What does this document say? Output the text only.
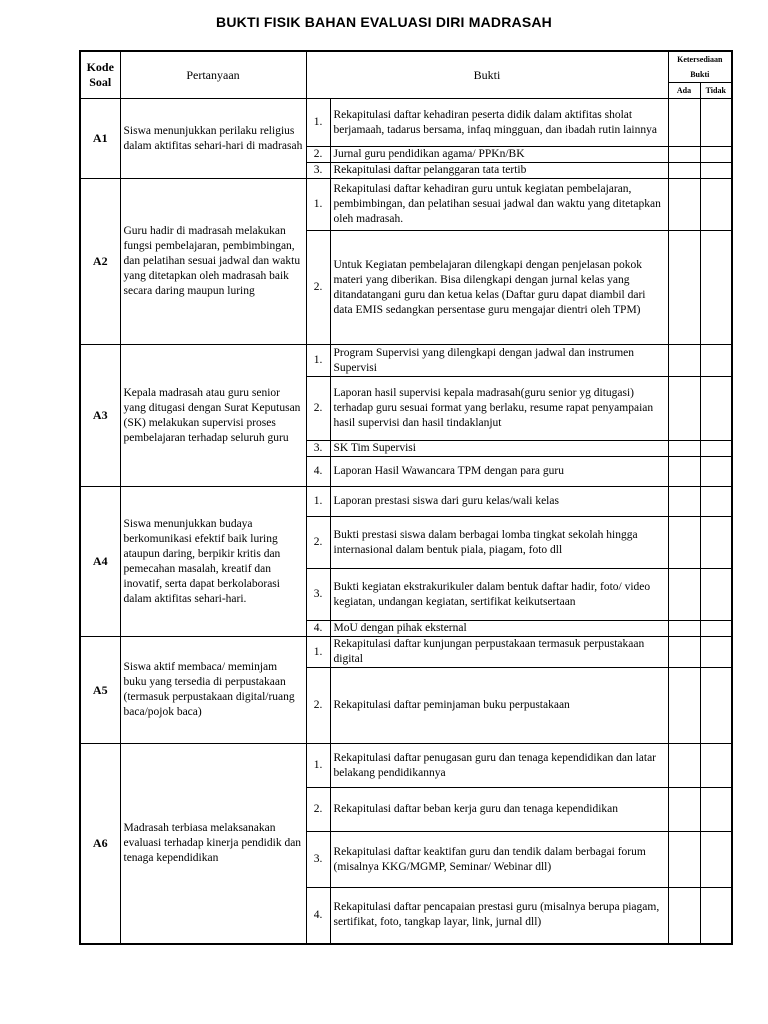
BUKTI FISIK BAHAN EVALUASI DIRI MADRASAH
Kode Soal	Pertanyaan	Bukti		Ketersediaan Bukti	
				Ada	Tidak
A1	Siswa menunjukkan perilaku religius dalam aktifitas sehari-hari di madrasah	1.	Rekapitulasi daftar kehadiran peserta didik dalam aktifitas sholat berjamaah, tadarus bersama, infaq mingguan, dan ibadah rutin lainnya		
		2.	Jurnal guru pendidikan agama/ PPKn/BK		
		3.	Rekapitulasi daftar pelanggaran tata tertib		
A2	Guru hadir di madrasah melakukan fungsi pembelajaran, pembimbingan, dan pelatihan sesuai jadwal dan waktu yang ditetapkan oleh madrasah baik secara daring maupun luring	1.	Rekapitulasi daftar kehadiran guru untuk kegiatan pembelajaran, pembimbingan, dan pelatihan sesuai jadwal dan waktu yang ditetapkan oleh madrasah.		
		2.	Untuk Kegiatan pembelajaran dilengkapi dengan penjelasan pokok materi yang diberikan. Bisa dilengkapi dengan jurnal kelas yang ditandatangani guru dan ketua kelas (Daftar guru dapat diambil dari data EMIS sedangkan persentase guru mengajar dientri oleh TPM)		
A3	Kepala madrasah atau guru senior yang ditugasi dengan Surat Keputusan (SK) melakukan supervisi proses pembelajaran terhadap seluruh guru	1.	Program Supervisi yang dilengkapi dengan jadwal dan instrumen Supervisi		
		2.	Laporan hasil supervisi kepala madrasah(guru senior yg ditugasi) terhadap guru sesuai format yang berlaku, resume rapat penyampaian hasil supervisi dan hasil tindaklanjut		
		3.	SK Tim Supervisi		
		4.	Laporan Hasil Wawancara TPM dengan para guru		
A4	Siswa menunjukkan budaya berkomunikasi efektif baik luring ataupun daring, berpikir kritis dan pemecahan masalah, kreatif dan inovatif, serta dapat berkolaborasi dalam aktifitas sehari-hari.	1.	Laporan prestasi siswa dari guru kelas/wali kelas		
		2.	Bukti prestasi siswa dalam berbagai lomba tingkat sekolah hingga internasional dalam bentuk piala, piagam, foto dll		
		3.	Bukti kegiatan ekstrakurikuler dalam bentuk daftar hadir, foto/ video kegiatan, undangan kegiatan, sertifikat keikutsertaan		
		4.	MoU dengan pihak eksternal		
A5	Siswa aktif membaca/ meminjam buku yang tersedia di perpustakaan (termasuk perpustakaan digital/ruang baca/pojok baca)	1.	Rekapitulasi daftar kunjungan perpustakaan termasuk perpustakaan digital		
		2.	Rekapitulasi daftar peminjaman buku perpustakaan		
A6	Madrasah terbiasa melaksanakan evaluasi terhadap kinerja pendidik dan tenaga kependidikan	1.	Rekapitulasi daftar penugasan guru dan tenaga kependidikan dan latar belakang pendidikannya		
		2.	Rekapitulasi daftar beban kerja guru dan tenaga kependidikan		
		3.	Rekapitulasi daftar keaktifan guru dan tendik dalam berbagai forum (misalnya KKG/MGMP, Seminar/ Webinar dll)		
		4.	Rekapitulasi daftar pencapaian prestasi guru (misalnya berupa piagam, sertifikat, foto, tangkap layar, link, jurnal dll)		
